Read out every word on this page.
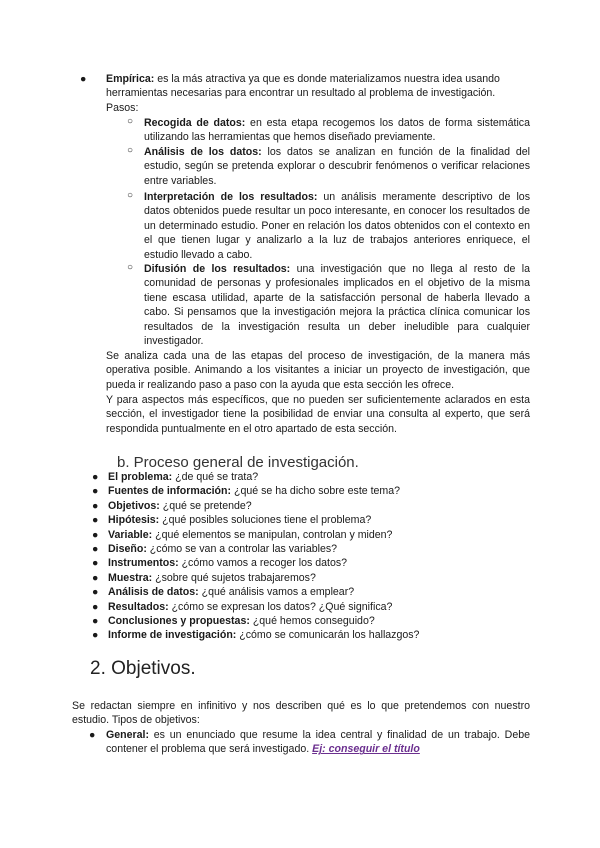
● Empírica: es la más atractiva ya que es donde materializamos nuestra idea usando
herramientas necesarias para encontrar un resultado al problema de investigación.
Pasos:
○ Recogida de datos: en esta etapa recogemos los datos de forma sistemática utilizando las herramientas que hemos diseñado previamente.
○ Análisis de los datos: los datos se analizan en función de la finalidad del estudio, según se pretenda explorar o descubrir fenómenos o verificar relaciones entre variables.
○ Interpretación de los resultados: un análisis meramente descriptivo de los datos obtenidos puede resultar un poco interesante, en conocer los resultados de un determinado estudio. Poner en relación los datos obtenidos con el contexto en el que tienen lugar y analizarlo a la luz de trabajos anteriores enriquece, el estudio llevado a cabo.
○ Difusión de los resultados: una investigación que no llega al resto de la comunidad de personas y profesionales implicados en el objetivo de la misma tiene escasa utilidad, aparte de la satisfacción personal de haberla llevado a cabo. Si pensamos que la investigación mejora la práctica clínica comunicar los resultados de la investigación resulta un deber ineludible para cualquier investigador.
Se analiza cada una de las etapas del proceso de investigación, de la manera más operativa posible. Animando a los visitantes a iniciar un proyecto de investigación, que pueda ir realizando paso a paso con la ayuda que esta sección les ofrece.
Y para aspectos más específicos, que no pueden ser suficientemente aclarados en esta sección, el investigador tiene la posibilidad de enviar una consulta al experto, que será respondida puntualmente en el otro apartado de esta sección.
b. Proceso general de investigación.
● El problema: ¿de qué se trata?
● Fuentes de información: ¿qué se ha dicho sobre este tema?
● Objetivos: ¿qué se pretende?
● Hipótesis: ¿qué posibles soluciones tiene el problema?
● Variable: ¿qué elementos se manipulan, controlan y miden?
● Diseño: ¿cómo se van a controlar las variables?
● Instrumentos: ¿cómo vamos a recoger los datos?
● Muestra: ¿sobre qué sujetos trabajaremos?
● Análisis de datos: ¿qué análisis vamos a emplear?
● Resultados: ¿cómo se expresan los datos? ¿Qué significa?
● Conclusiones y propuestas: ¿qué hemos conseguido?
● Informe de investigación: ¿cómo se comunicarán los hallazgos?
2. Objetivos.
Se redactan siempre en infinitivo y nos describen qué es lo que pretendemos con nuestro estudio. Tipos de objetivos:
● General: es un enunciado que resume la idea central y finalidad de un trabajo. Debe contener el problema que será investigado. Ej: conseguir el título
